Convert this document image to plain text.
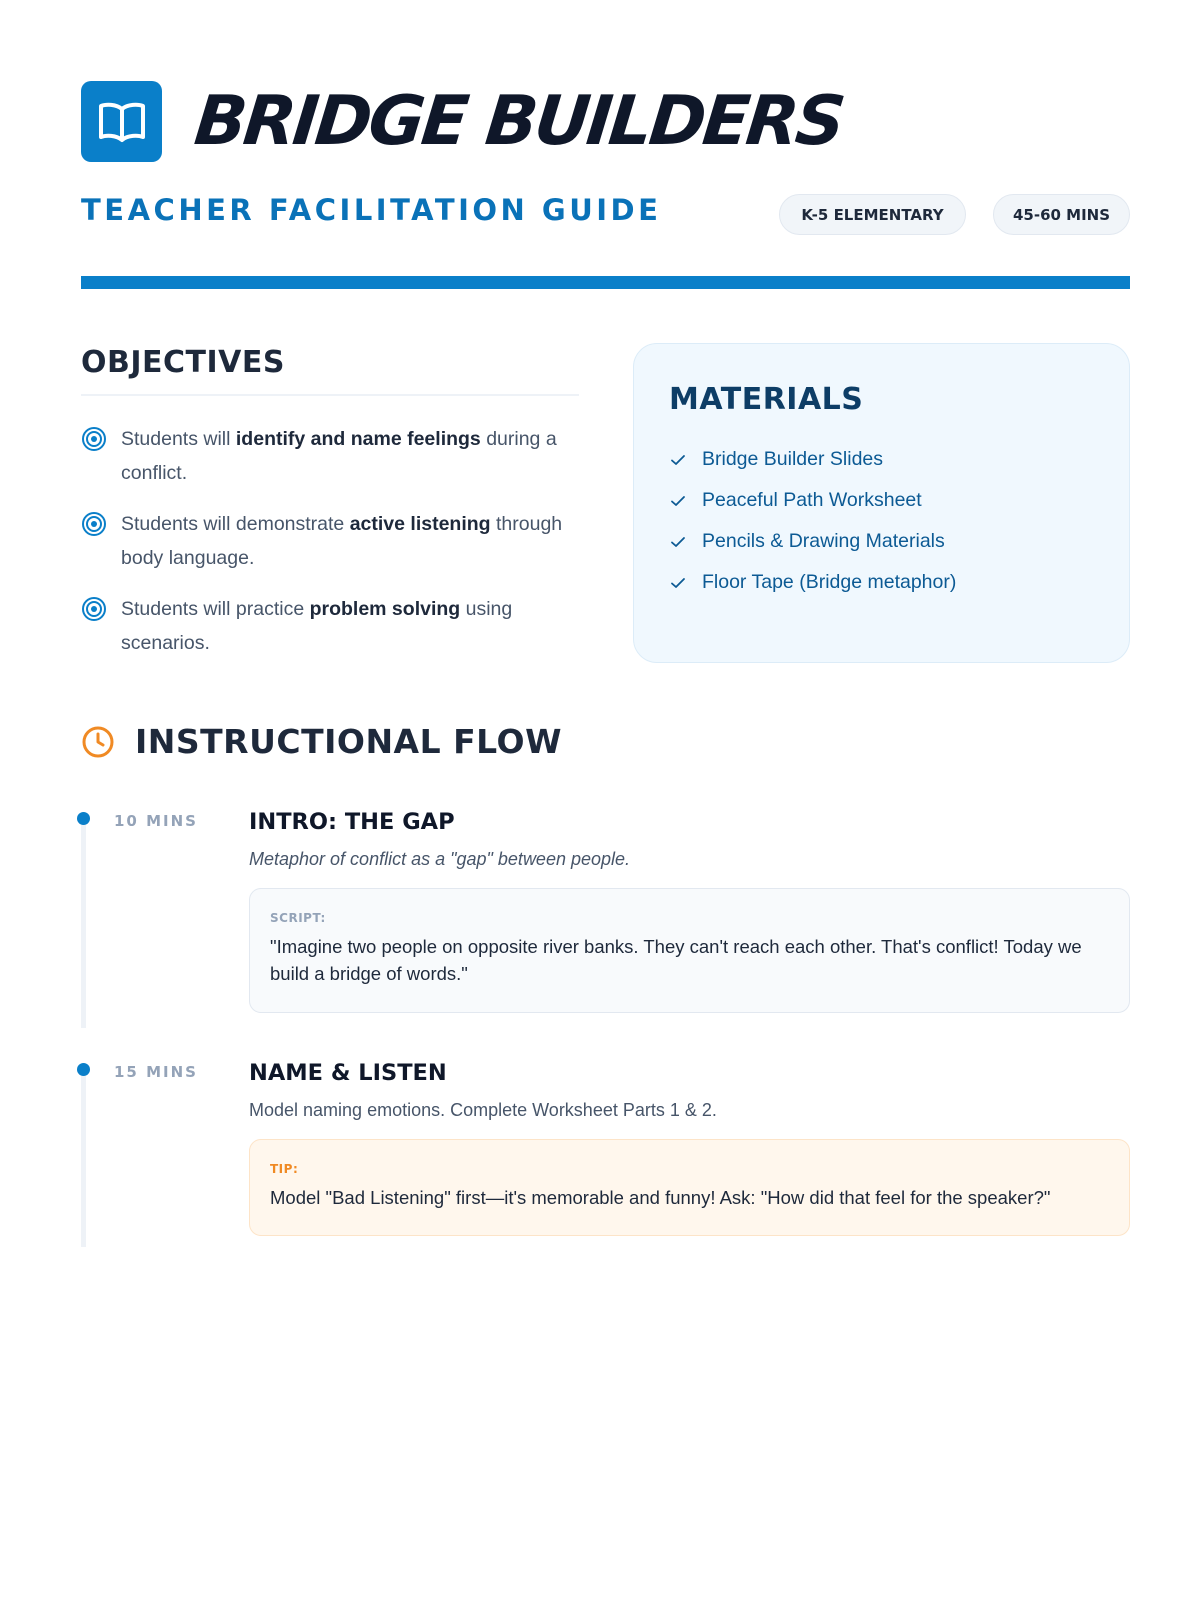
BRIDGE BUILDERS
TEACHER FACILITATION GUIDE	K-5 ELEMENTARY	45-60 MINS
OBJECTIVES
Students will identify and name feelings during a conflict.
Students will demonstrate active listening through body language.
Students will practice problem solving using scenarios.
MATERIALS
Bridge Builder Slides
Peaceful Path Worksheet
Pencils & Drawing Materials
Floor Tape (Bridge metaphor)
INSTRUCTIONAL FLOW
10 MINS INTRO: THE GAP
Metaphor of conflict as a "gap" between people.
SCRIPT:
"Imagine two people on opposite river banks. They can't reach each other. That's conflict! Today we build a bridge of words."
15 MINS NAME & LISTEN
Model naming emotions. Complete Worksheet Parts 1 & 2.
TIP:
Model "Bad Listening" first—it's memorable and funny! Ask: "How did that feel for the speaker?"
